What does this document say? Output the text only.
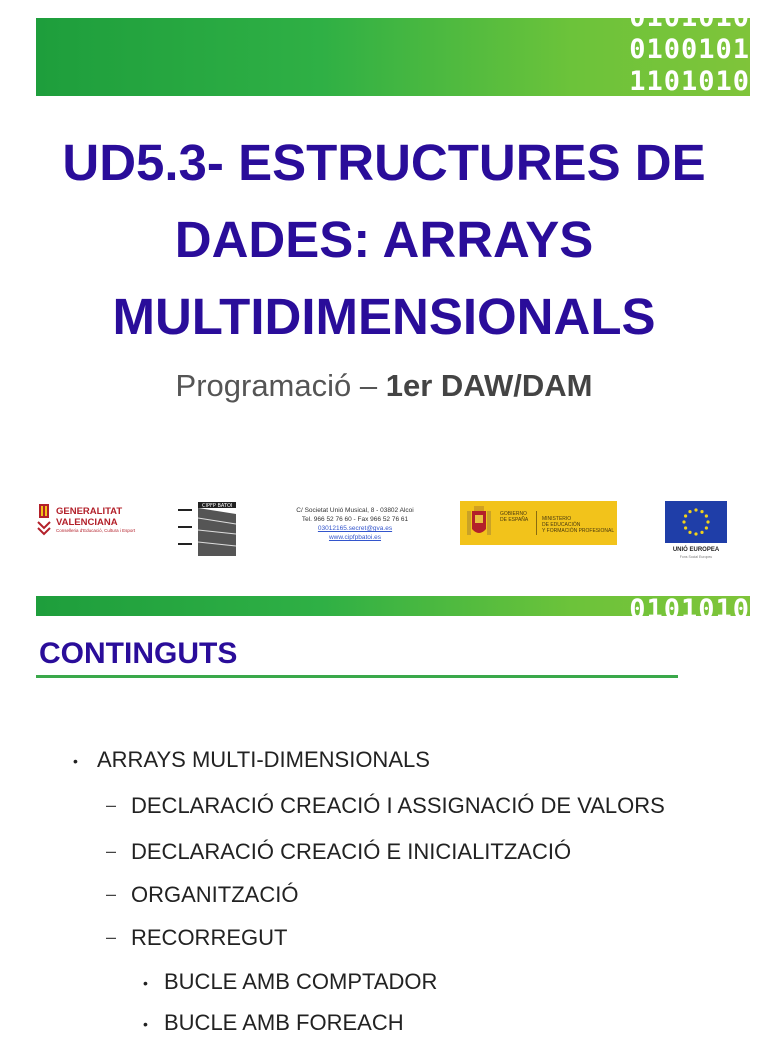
0101010
0100101
1101010
UD5.3- ESTRUCTURES DE DADES: ARRAYS MULTIDIMENSIONALS
Programació – 1er DAW/DAM
GENERALITAT
VALENCIANA
Conselleria d'Educació, Cultura i Esport
CIPFP BATOI
C/ Societat Unió Musical, 8 - 03802 Alcoi
Tel. 966 52 76 60 - Fax 966 52 76 61
03012165.secret@gva.es
www.cipfpbatoi.es
GOBIERNO
DE ESPAÑA	MINISTERIO
DE EDUCACIÓN
Y FORMACIÓN PROFESIONAL
UNIÓ EUROPEA
Fons Social Europeu
0101010
CONTINGUTS
• ARRAYS MULTI-DIMENSIONALS
– DECLARACIÓ CREACIÓ I ASSIGNACIÓ DE VALORS
– DECLARACIÓ CREACIÓ E INICIALITZACIÓ
– ORGANITZACIÓ
– RECORREGUT
• BUCLE AMB COMPTADOR
• BUCLE AMB FOREACH
